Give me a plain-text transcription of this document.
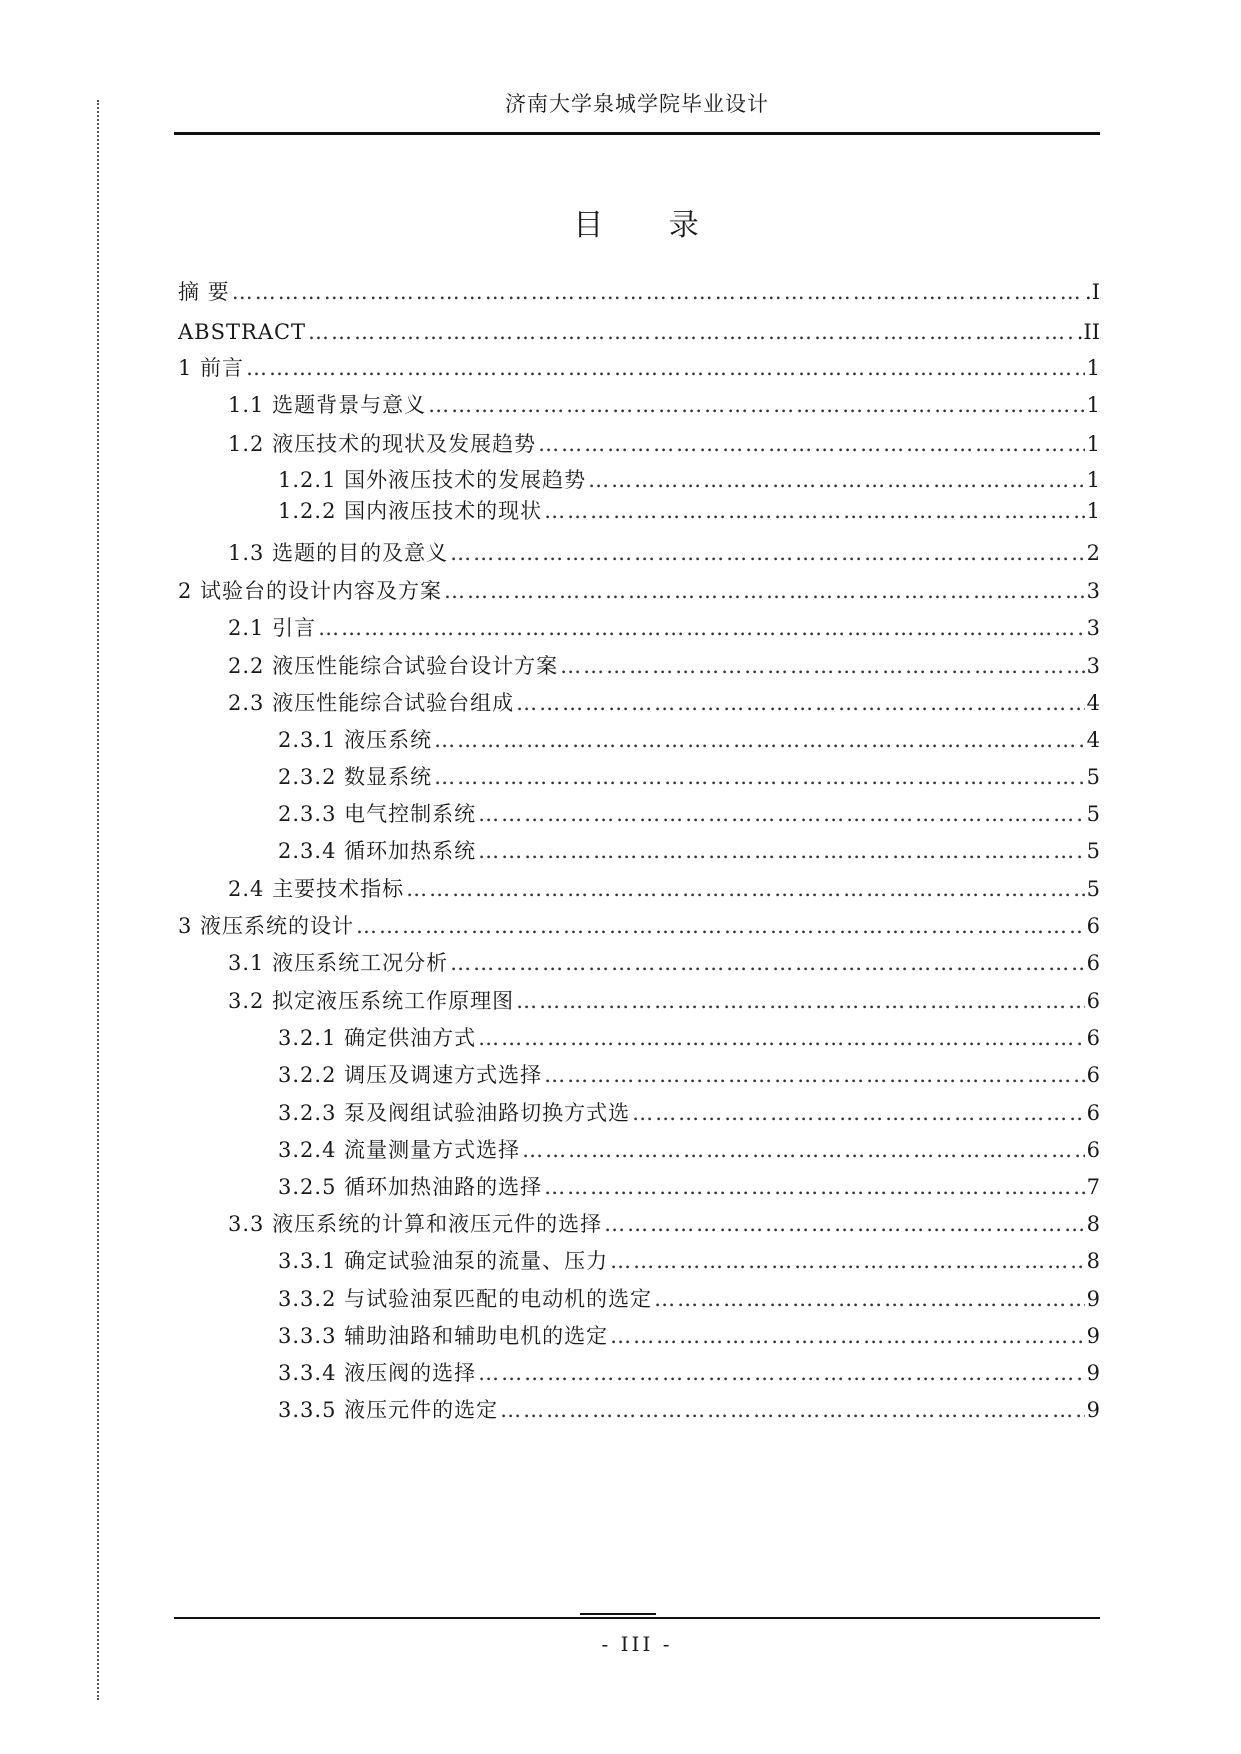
济南大学泉城学院毕业设计
目 录
摘 要 ……………………………………………………………………………………………………………………………………………………………………………………………………	.I
ABSTRACT ……………………………………………………………………………………………………………………………………………………………………………………………………	.II
1 前言 ……………………………………………………………………………………………………………………………………………………………………………………………………	1
1.1 选题背景与意义 ……………………………………………………………………………………………………………………………………………………………………………………………………	1
1.2 液压技术的现状及发展趋势 ……………………………………………………………………………………………………………………………………………………………………………………………………	1
1.2.1 国外液压技术的发展趋势 ……………………………………………………………………………………………………………………………………………………………………………………………………	1
1.2.2 国内液压技术的现状 ……………………………………………………………………………………………………………………………………………………………………………………………………	1
1.3 选题的目的及意义 ……………………………………………………………………………………………………………………………………………………………………………………………………	2
2 试验台的设计内容及方案 ……………………………………………………………………………………………………………………………………………………………………………………………………	3
2.1 引言 ……………………………………………………………………………………………………………………………………………………………………………………………………	3
2.2 液压性能综合试验台设计方案 ……………………………………………………………………………………………………………………………………………………………………………………………………	3
2.3 液压性能综合试验台组成 ……………………………………………………………………………………………………………………………………………………………………………………………………	4
2.3.1 液压系统 ……………………………………………………………………………………………………………………………………………………………………………………………………	4
2.3.2 数显系统 ……………………………………………………………………………………………………………………………………………………………………………………………………	5
2.3.3 电气控制系统 ……………………………………………………………………………………………………………………………………………………………………………………………………	5
2.3.4 循环加热系统 ……………………………………………………………………………………………………………………………………………………………………………………………………	5
2.4 主要技术指标 ……………………………………………………………………………………………………………………………………………………………………………………………………	5
3 液压系统的设计 ……………………………………………………………………………………………………………………………………………………………………………………………………	6
3.1 液压系统工况分析 ……………………………………………………………………………………………………………………………………………………………………………………………………	6
3.2 拟定液压系统工作原理图 ……………………………………………………………………………………………………………………………………………………………………………………………………	6
3.2.1 确定供油方式 ……………………………………………………………………………………………………………………………………………………………………………………………………	6
3.2.2 调压及调速方式选择 ……………………………………………………………………………………………………………………………………………………………………………………………………	6
3.2.3 泵及阀组试验油路切换方式选 ……………………………………………………………………………………………………………………………………………………………………………………………………	6
3.2.4 流量测量方式选择 ……………………………………………………………………………………………………………………………………………………………………………………………………	6
3.2.5 循环加热油路的选择 ……………………………………………………………………………………………………………………………………………………………………………………………………	7
3.3 液压系统的计算和液压元件的选择 ……………………………………………………………………………………………………………………………………………………………………………………………………	8
3.3.1 确定试验油泵的流量、压力 ……………………………………………………………………………………………………………………………………………………………………………………………………	8
3.3.2 与试验油泵匹配的电动机的选定 ……………………………………………………………………………………………………………………………………………………………………………………………………	9
3.3.3 辅助油路和辅助电机的选定 ……………………………………………………………………………………………………………………………………………………………………………………………………	9
3.3.4 液压阀的选择 ……………………………………………………………………………………………………………………………………………………………………………………………………	9
3.3.5 液压元件的选定 ……………………………………………………………………………………………………………………………………………………………………………………………………	9
- III -
